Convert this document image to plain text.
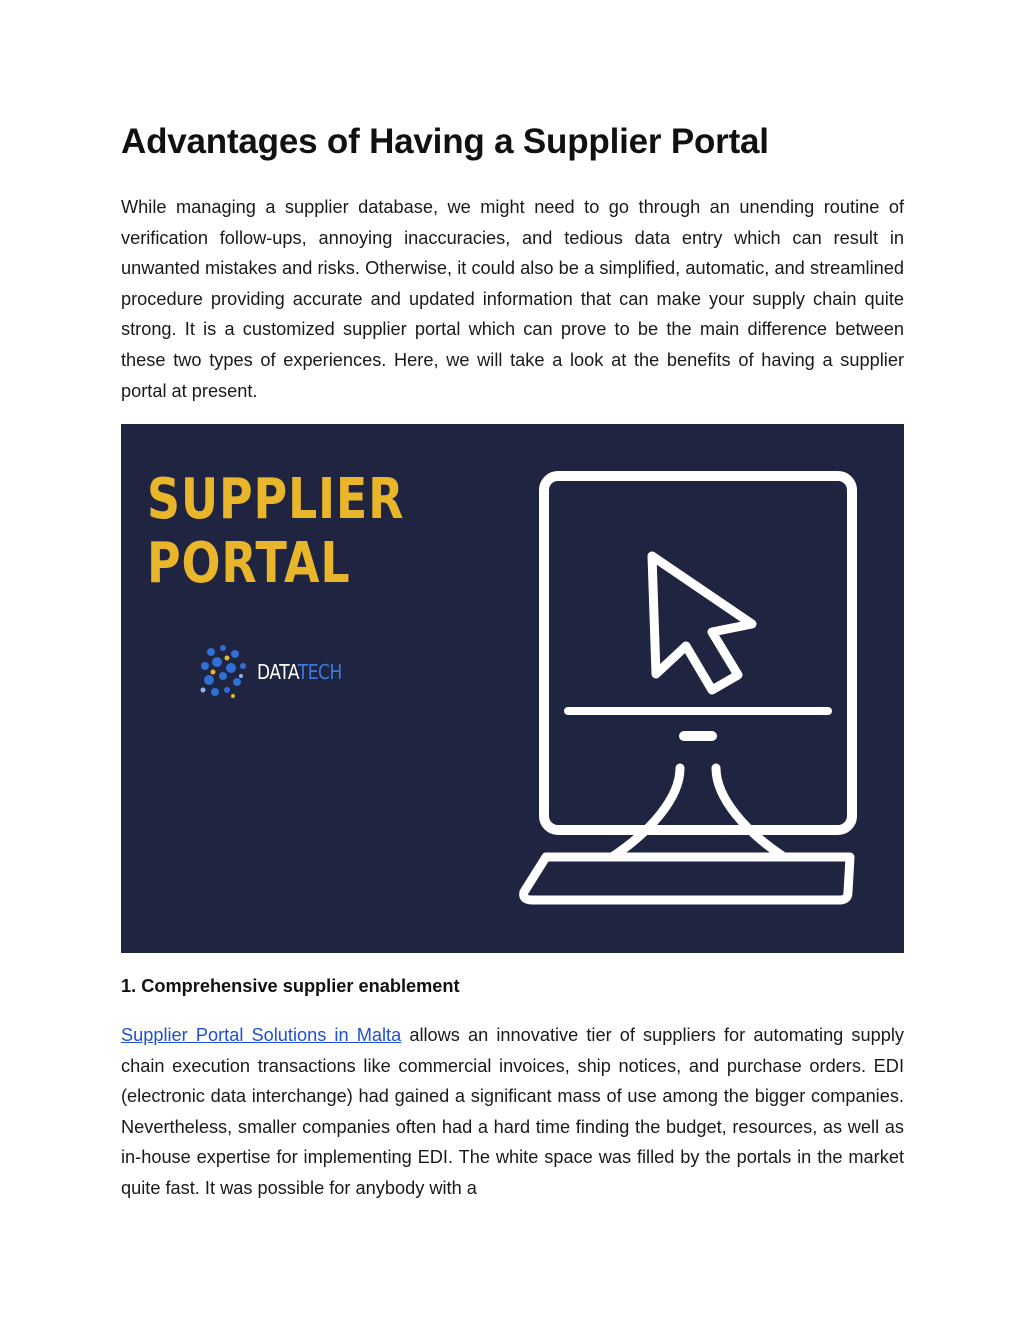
Advantages of Having a Supplier Portal

While managing a supplier database, we might need to go through an unending routine of verification follow-ups, annoying inaccuracies, and tedious data entry which can result in unwanted mistakes and risks. Otherwise, it could also be a simplified, automatic, and streamlined procedure providing accurate and updated information that can make your supply chain quite strong. It is a customized supplier portal which can prove to be the main difference between these two types of experiences. Here, we will take a look at the benefits of having a supplier portal at present.

SUPPLIER
PORTAL

DATATECH
1. Comprehensive supplier enablement

Supplier Portal Solutions in Malta allows an innovative tier of suppliers for automating supply chain execution transactions like commercial invoices, ship notices, and purchase orders. EDI (electronic data interchange) had gained a significant mass of use among the bigger companies. Nevertheless, smaller companies often had a hard time finding the budget, resources, as well as in-house expertise for implementing EDI. The white space was filled by the portals in the market quite fast. It was possible for anybody with a
